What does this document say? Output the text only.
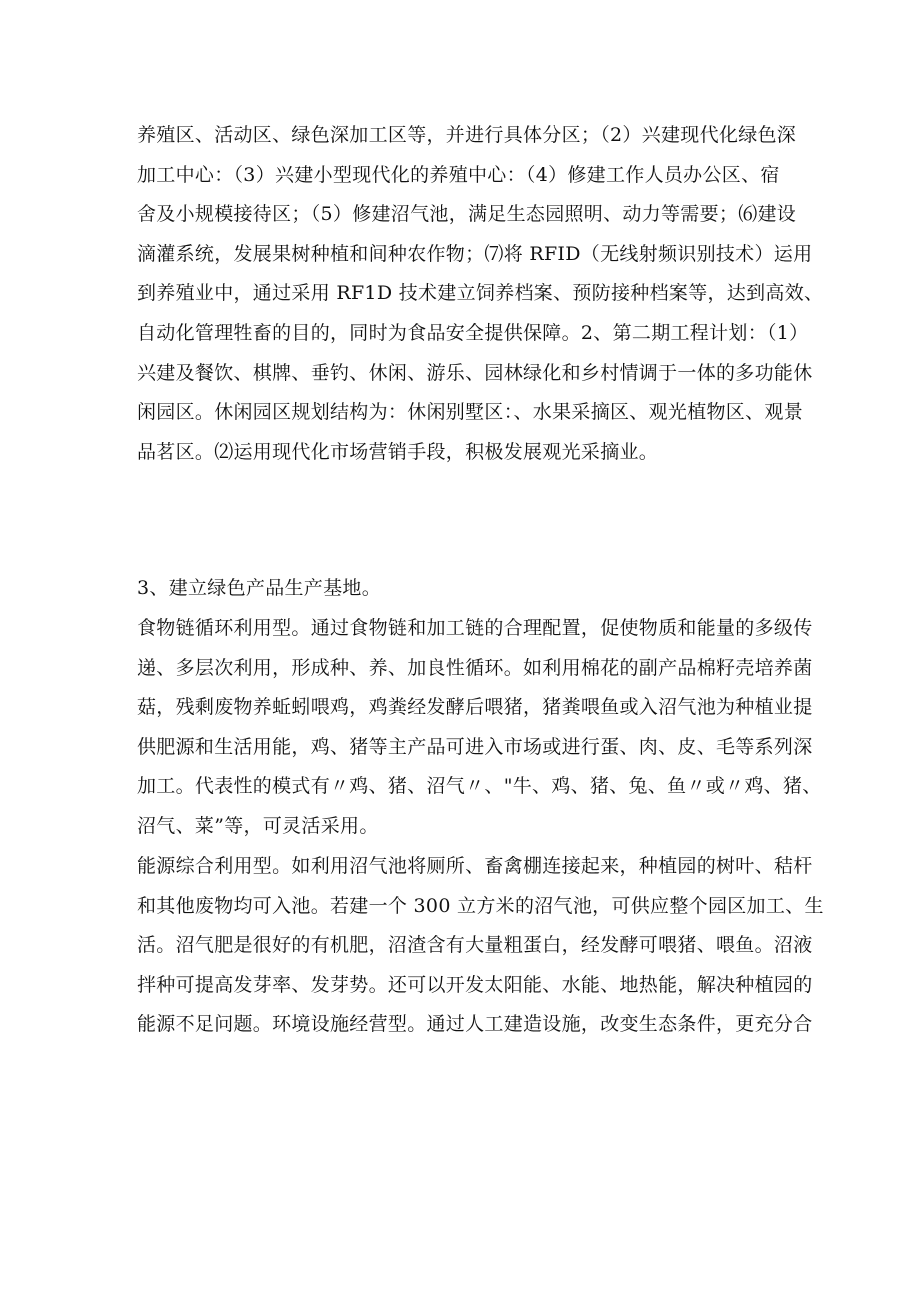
养殖区、活动区、绿色深加工区等，并进行具体分区；（2）兴建现代化绿色深
加工中心：（3）兴建小型现代化的养殖中心：（4）修建工作人员办公区、宿
舍及小规模接待区；（5）修建沼气池，满足生态园照明、动力等需要；⑹建设
滴灌系统，发展果树种植和间种农作物；⑺将 RFID（无线射频识别技术）运用
到养殖业中，通过采用 RF1D 技术建立饲养档案、预防接种档案等，达到高效、
自动化管理牲畜的目的，同时为食品安全提供保障。2、第二期工程计划：（1）
兴建及餐饮、棋牌、垂钓、休闲、游乐、园林绿化和乡村情调于一体的多功能休
闲园区。休闲园区规划结构为：休闲别墅区：、水果采摘区、观光植物区、观景
品茗区。⑵运用现代化市场营销手段，积极发展观光采摘业。
3、建立绿色产品生产基地。
食物链循环利用型。通过食物链和加工链的合理配置，促使物质和能量的多级传
递、多层次利用，形成种、养、加良性循环。如利用棉花的副产品棉籽壳培养菌
菇，残剩废物养蚯蚓喂鸡，鸡粪经发酵后喂猪，猪粪喂鱼或入沼气池为种植业提
供肥源和生活用能，鸡、猪等主产品可进入市场或进行蛋、肉、皮、毛等系列深
加工。代表性的模式有〃鸡、猪、沼气〃、"牛、鸡、猪、兔、鱼〃或〃鸡、猪、
沼气、菜”等，可灵活采用。
能源综合利用型。如利用沼气池将厕所、畜禽棚连接起来，种植园的树叶、秸杆
和其他废物均可入池。若建一个 300 立方米的沼气池，可供应整个园区加工、生
活。沼气肥是很好的有机肥，沼渣含有大量粗蛋白，经发酵可喂猪、喂鱼。沼液
拌种可提高发芽率、发芽势。还可以开发太阳能、水能、地热能，解决种植园的
能源不足问题。环境设施经营型。通过人工建造设施，改变生态条件，更充分合
